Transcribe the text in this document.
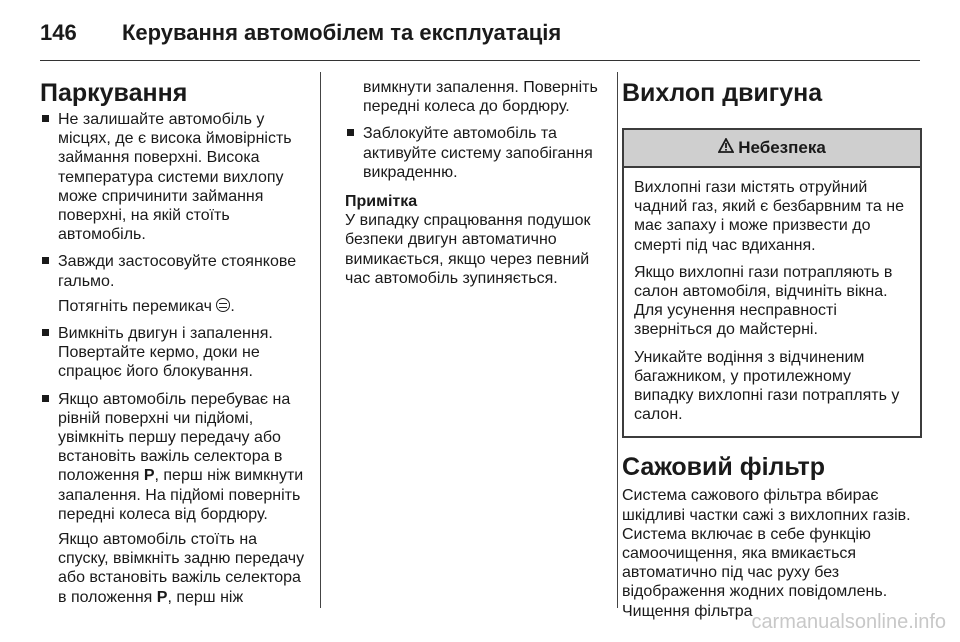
146 Керування автомобілем та експлуатація
Паркування
Не залишайте автомобіль у місцях, де є висока ймовірність займання поверхні. Висока температура системи вихлопу може спричинити займання поверхні, на якій стоїть автомобіль.
Завжди застосовуйте стоянкове гальмо.
Потягніть перемикач .
Вимкніть двигун і запалення. Повертайте кермо, доки не спрацює його блокування.
Якщо автомобіль перебуває на рівній поверхні чи підйомі, увімкніть першу передачу або встановіть важіль селектора в положення P, перш ніж вимкнути запалення. На підйомі поверніть передні колеса від бордюру.
Якщо автомобіль стоїть на спуску, ввімкніть задню передачу або встановіть важіль селектора в положення P, перш ніж
вимкнути запалення. Поверніть передні колеса до бордюру.
Заблокуйте автомобіль та активуйте систему запобігання викраденню.
Примітка

У випадку спрацювання подушок безпеки двигун автоматично вимикається, якщо через певний час автомобіль зупиняється.

Вихлоп двигуна
Небезпека

Вихлопні гази містять отруйний чадний газ, який є безбарвним та не має запаху і може призвести до смерті під час вдихання.

Якщо вихлопні гази потрапляють в салон автомобіля, відчиніть вікна. Для усунення несправності зверніться до майстерні.

Уникайте водіння з відчиненим багажником, у протилежному випадку вихлопні гази потраплять у салон.

Сажовий фільтр

Система сажового фільтра вбирає шкідливі частки сажі з вихлопних газів. Система включає в себе функцію самоочищення, яка вмикається автоматично під час руху без відображення жодних повідомлень. Чищення фільтра

carmanualsonline.info
